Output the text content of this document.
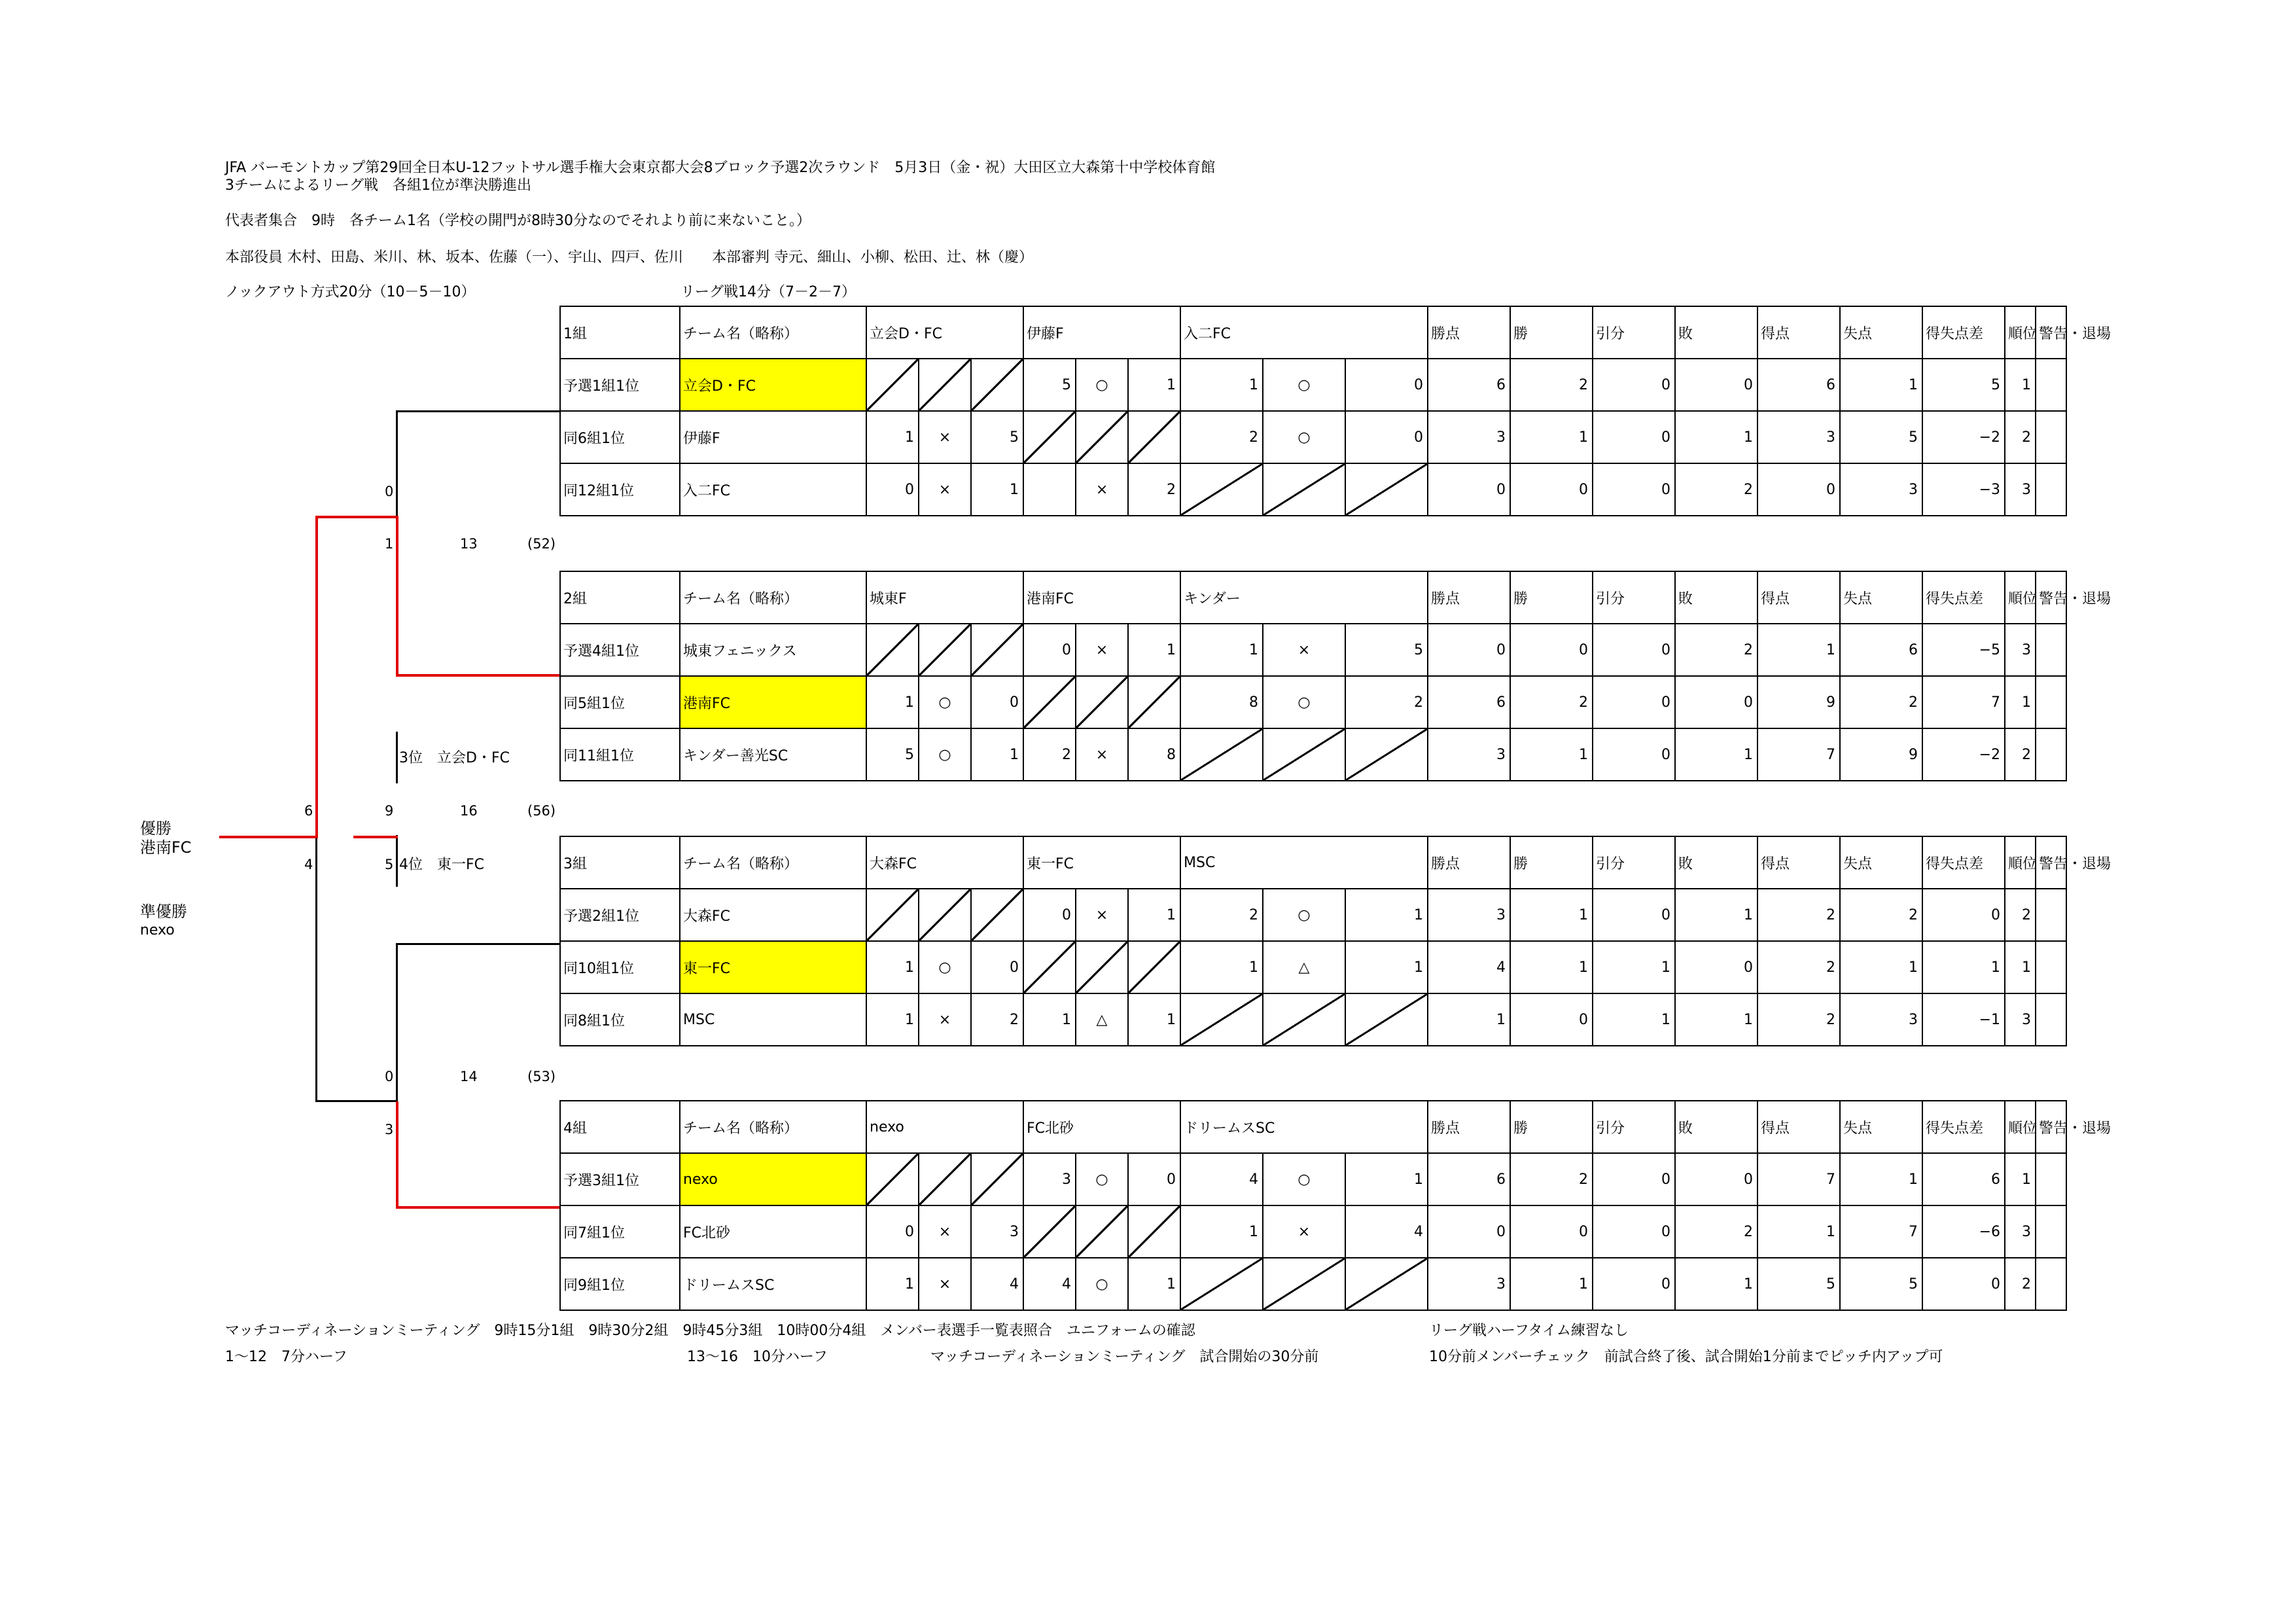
JFA バーモントカップ第29回全日本U-12フットサル選手権大会東京都大会8ブロック予選2次ラウンド　5月3日（金・祝）大田区立大森第十中学校体育館
3チームによるリーグ戦　各組1位が準決勝進出
代表者集合　9時　各チーム1名（学校の開門が8時30分なのでそれより前に来ないこと。）
本部役員 木村、田島、米川、林、坂本、佐藤（一）、宇山、四戸、佐川　　本部審判 寺元、細山、小柳、松田、辻、林（慶）
ノックアウト方式20分（10－5－10）	リーグ戦14分（7－2－7）
1組	チーム名（略称）	立会D・FC			伊藤F			入二FC			勝点	勝	引分	敗	得点	失点	得失点差	順位	警告・退場
予選1組1位	立会D・FC				5	○	1	1	○	0	6	2	0	0	6	1	5	1	
同6組1位	伊藤F	1	×	5				2	○	0	3	1	0	1	3	5	−2	2	
同12組1位	入二FC	0	×	1		×	2				0	0	0	2	0	3	−3	3	
2組	チーム名（略称）	城東F			港南FC			キンダー			勝点	勝	引分	敗	得点	失点	得失点差	順位	警告・退場
予選4組1位	城東フェニックス				0	×	1	1	×	5	0	0	0	2	1	6	−5	3	
同5組1位	港南FC	1	○	0				8	○	2	6	2	0	0	9	2	7	1	
同11組1位	キンダー善光SC	5	○	1	2	×	8				3	1	0	1	7	9	−2	2	
3組	チーム名（略称）	大森FC			東一FC			MSC			勝点	勝	引分	敗	得点	失点	得失点差	順位	警告・退場
予選2組1位	大森FC				0	×	1	2	○	1	3	1	0	1	2	2	0	2	
同10組1位	東一FC	1	○	0				1	△	1	4	1	1	0	2	1	1	1	
同8組1位	MSC	1	×	2	1	△	1				1	0	1	1	2	3	−1	3	
4組	チーム名（略称）	nexo			FC北砂			ドリームスSC			勝点	勝	引分	敗	得点	失点	得失点差	順位	警告・退場
予選3組1位	nexo				3	○	0	4	○	1	6	2	0	0	7	1	6	1	
同7組1位	FC北砂	0	×	3				1	×	4	0	0	0	2	1	7	−6	3	
同9組1位	ドリームスSC	1	×	4	4	○	1				3	1	0	1	5	5	0	2	
0
1	13	(52)
3位　立会D・FC
9	16	(56)
5 4位　東一FC
6
4
0	14	(53)
3
優勝
港南FC
準優勝
nexo
マッチコーディネーションミーティング　9時15分1組　9時30分2組　9時45分3組　10時00分4組　メンバー表選手一覧表照合　ユニフォームの確認	リーグ戦ハーフタイム練習なし
1～12　7分ハーフ	13～16　10分ハーフ	マッチコーディネーションミーティング　試合開始の30分前	10分前メンバーチェック　前試合終了後、試合開始1分前までピッチ内アップ可
